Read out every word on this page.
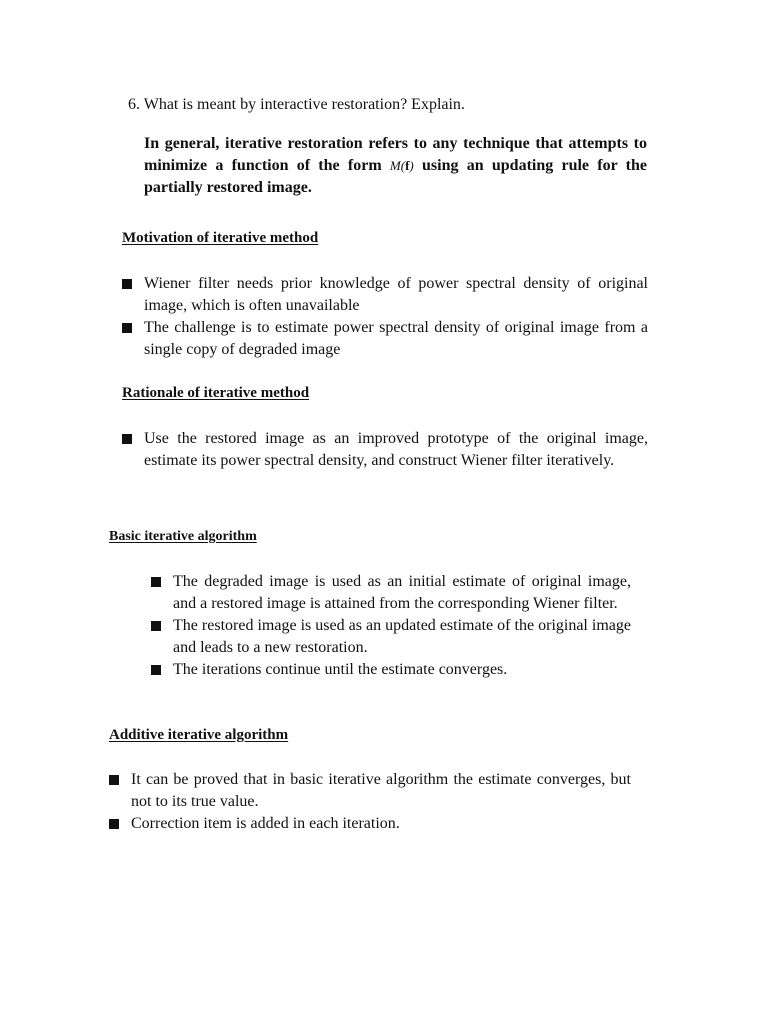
6. What is meant by interactive restoration? Explain.
In general, iterative restoration refers to any technique that attempts to minimize a function of the form M(f) using an updating rule for the partially restored image.
Motivation of iterative method
Wiener filter needs prior knowledge of power spectral density of original image, which is often unavailable
The challenge is to estimate power spectral density of original image from a single copy of degraded image
Rationale of iterative method
Use the restored image as an improved prototype of the original image, estimate its power spectral density, and construct Wiener filter iteratively.
Basic iterative algorithm
The degraded image is used as an initial estimate of original image, and a restored image is attained from the corresponding Wiener filter.
The restored image is used as an updated estimate of the original image and leads to a new restoration.
The iterations continue until the estimate converges.
Additive iterative algorithm
It can be proved that in basic iterative algorithm the estimate converges, but not to its true value.
Correction item is added in each iteration.
